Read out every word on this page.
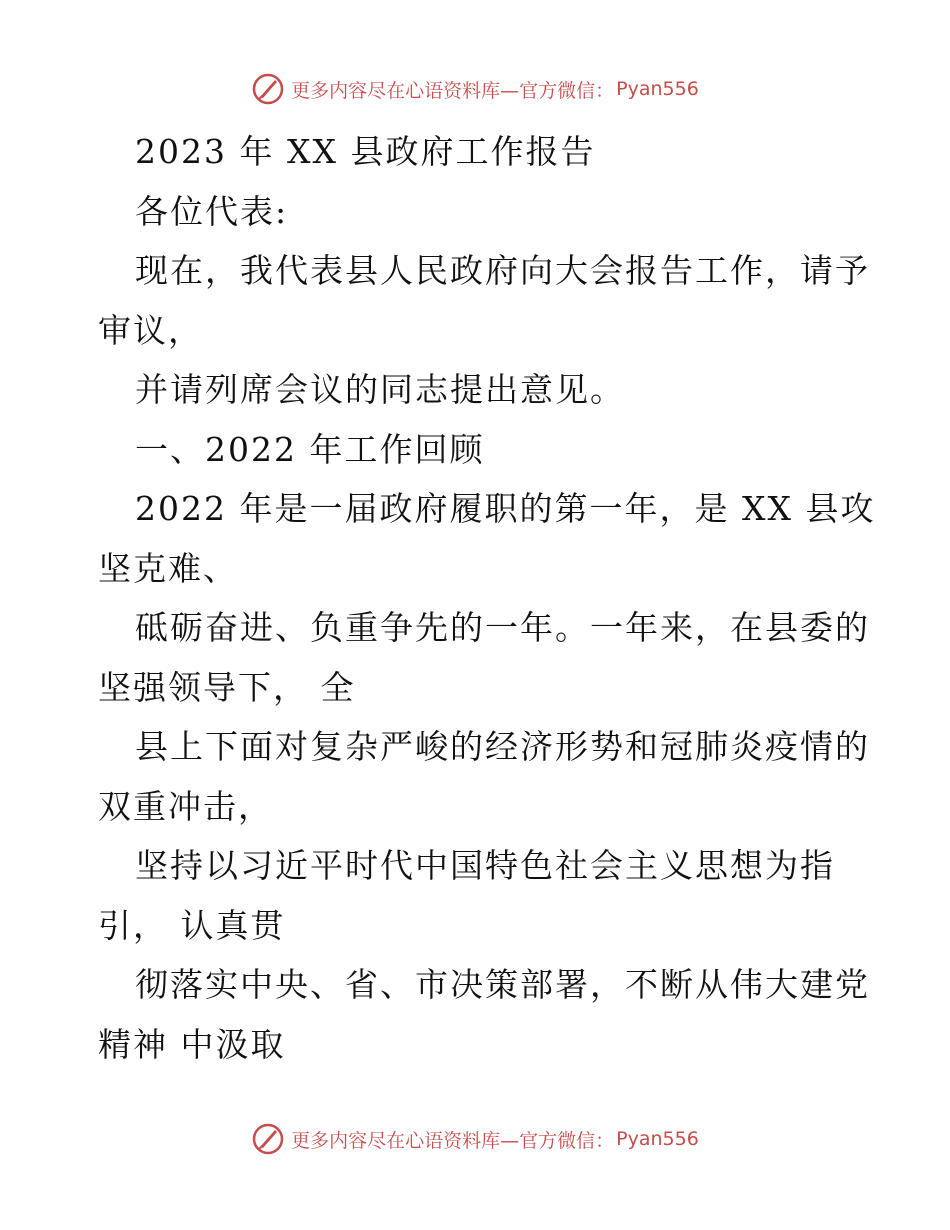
更多内容尽在心语资料库—官方微信： Pyan556
2023 年 XX 县政府工作报告
各位代表:
现在，我代表县人民政府向大会报告工作，请予
审议，
并请列席会议的同志提出意见。
一、2022 年工作回顾
2022 年是一届政府履职的第一年，是 XX 县攻
坚克难、
砥砺奋进、负重争先的一年。一年来，在县委的
坚强领导下， 全
县上下面对复杂严峻的经济形势和冠肺炎疫情的
双重冲击，
坚持以习近平时代中国特色社会主义思想为指
引， 认真贯
彻落实中央、省、市决策部署，不断从伟大建党
精神 中汲取
更多内容尽在心语资料库—官方微信： Pyan556
